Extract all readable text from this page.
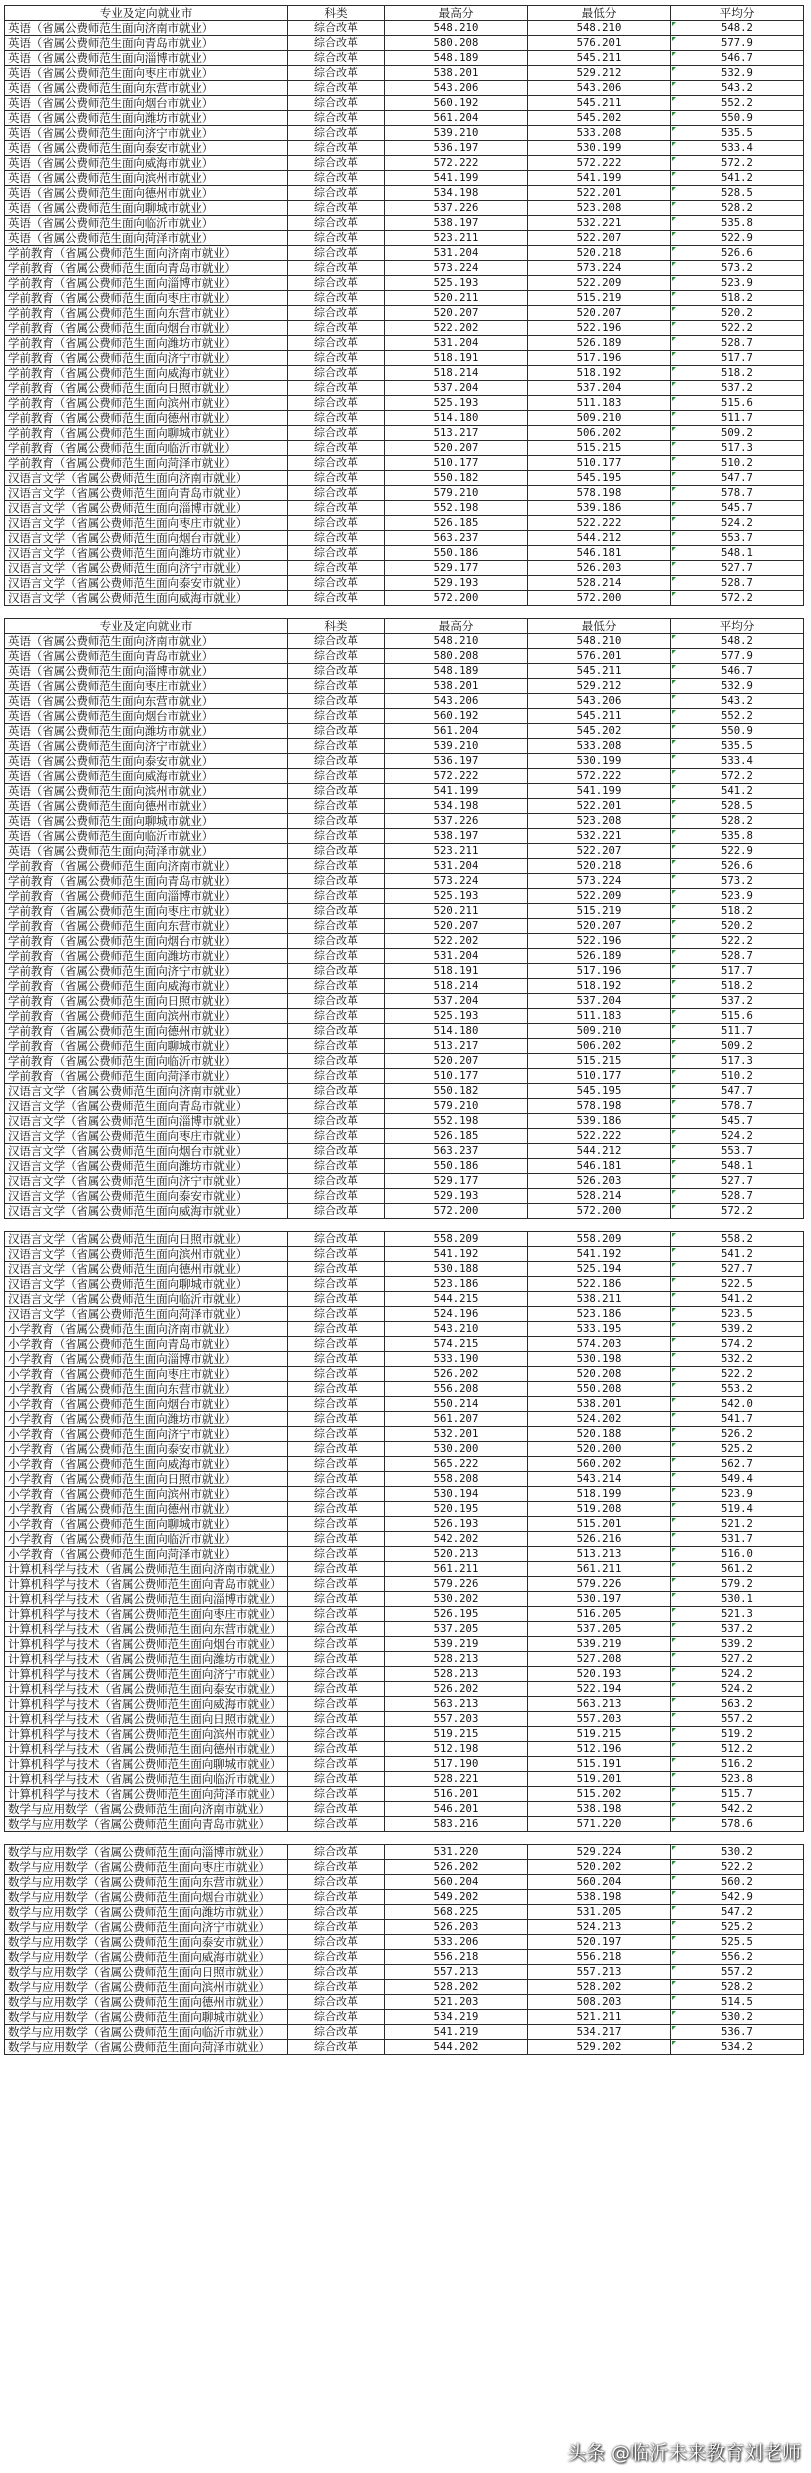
专业及定向就业市	科类	最高分	最低分	平均分
英语（省属公费师范生面向济南市就业）	综合改革	548.210	548.210	548.2
英语（省属公费师范生面向青岛市就业）	综合改革	580.208	576.201	577.9
英语（省属公费师范生面向淄博市就业）	综合改革	548.189	545.211	546.7
英语（省属公费师范生面向枣庄市就业）	综合改革	538.201	529.212	532.9
英语（省属公费师范生面向东营市就业）	综合改革	543.206	543.206	543.2
英语（省属公费师范生面向烟台市就业）	综合改革	560.192	545.211	552.2
英语（省属公费师范生面向潍坊市就业）	综合改革	561.204	545.202	550.9
英语（省属公费师范生面向济宁市就业）	综合改革	539.210	533.208	535.5
英语（省属公费师范生面向泰安市就业）	综合改革	536.197	530.199	533.4
英语（省属公费师范生面向威海市就业）	综合改革	572.222	572.222	572.2
英语（省属公费师范生面向滨州市就业）	综合改革	541.199	541.199	541.2
英语（省属公费师范生面向德州市就业）	综合改革	534.198	522.201	528.5
英语（省属公费师范生面向聊城市就业）	综合改革	537.226	523.208	528.2
英语（省属公费师范生面向临沂市就业）	综合改革	538.197	532.221	535.8
英语（省属公费师范生面向菏泽市就业）	综合改革	523.211	522.207	522.9
学前教育（省属公费师范生面向济南市就业）	综合改革	531.204	520.218	526.6
学前教育（省属公费师范生面向青岛市就业）	综合改革	573.224	573.224	573.2
学前教育（省属公费师范生面向淄博市就业）	综合改革	525.193	522.209	523.9
学前教育（省属公费师范生面向枣庄市就业）	综合改革	520.211	515.219	518.2
学前教育（省属公费师范生面向东营市就业）	综合改革	520.207	520.207	520.2
学前教育（省属公费师范生面向烟台市就业）	综合改革	522.202	522.196	522.2
学前教育（省属公费师范生面向潍坊市就业）	综合改革	531.204	526.189	528.7
学前教育（省属公费师范生面向济宁市就业）	综合改革	518.191	517.196	517.7
学前教育（省属公费师范生面向威海市就业）	综合改革	518.214	518.192	518.2
学前教育（省属公费师范生面向日照市就业）	综合改革	537.204	537.204	537.2
学前教育（省属公费师范生面向滨州市就业）	综合改革	525.193	511.183	515.6
学前教育（省属公费师范生面向德州市就业）	综合改革	514.180	509.210	511.7
学前教育（省属公费师范生面向聊城市就业）	综合改革	513.217	506.202	509.2
学前教育（省属公费师范生面向临沂市就业）	综合改革	520.207	515.215	517.3
学前教育（省属公费师范生面向菏泽市就业）	综合改革	510.177	510.177	510.2
汉语言文学（省属公费师范生面向济南市就业）	综合改革	550.182	545.195	547.7
汉语言文学（省属公费师范生面向青岛市就业）	综合改革	579.210	578.198	578.7
汉语言文学（省属公费师范生面向淄博市就业）	综合改革	552.198	539.186	545.7
汉语言文学（省属公费师范生面向枣庄市就业）	综合改革	526.185	522.222	524.2
汉语言文学（省属公费师范生面向烟台市就业）	综合改革	563.237	544.212	553.7
汉语言文学（省属公费师范生面向潍坊市就业）	综合改革	550.186	546.181	548.1
汉语言文学（省属公费师范生面向济宁市就业）	综合改革	529.177	526.203	527.7
汉语言文学（省属公费师范生面向泰安市就业）	综合改革	529.193	528.214	528.7
汉语言文学（省属公费师范生面向威海市就业）	综合改革	572.200	572.200	572.2
专业及定向就业市	科类	最高分	最低分	平均分
英语（省属公费师范生面向济南市就业）	综合改革	548.210	548.210	548.2
英语（省属公费师范生面向青岛市就业）	综合改革	580.208	576.201	577.9
英语（省属公费师范生面向淄博市就业）	综合改革	548.189	545.211	546.7
英语（省属公费师范生面向枣庄市就业）	综合改革	538.201	529.212	532.9
英语（省属公费师范生面向东营市就业）	综合改革	543.206	543.206	543.2
英语（省属公费师范生面向烟台市就业）	综合改革	560.192	545.211	552.2
英语（省属公费师范生面向潍坊市就业）	综合改革	561.204	545.202	550.9
英语（省属公费师范生面向济宁市就业）	综合改革	539.210	533.208	535.5
英语（省属公费师范生面向泰安市就业）	综合改革	536.197	530.199	533.4
英语（省属公费师范生面向威海市就业）	综合改革	572.222	572.222	572.2
英语（省属公费师范生面向滨州市就业）	综合改革	541.199	541.199	541.2
英语（省属公费师范生面向德州市就业）	综合改革	534.198	522.201	528.5
英语（省属公费师范生面向聊城市就业）	综合改革	537.226	523.208	528.2
英语（省属公费师范生面向临沂市就业）	综合改革	538.197	532.221	535.8
英语（省属公费师范生面向菏泽市就业）	综合改革	523.211	522.207	522.9
学前教育（省属公费师范生面向济南市就业）	综合改革	531.204	520.218	526.6
学前教育（省属公费师范生面向青岛市就业）	综合改革	573.224	573.224	573.2
学前教育（省属公费师范生面向淄博市就业）	综合改革	525.193	522.209	523.9
学前教育（省属公费师范生面向枣庄市就业）	综合改革	520.211	515.219	518.2
学前教育（省属公费师范生面向东营市就业）	综合改革	520.207	520.207	520.2
学前教育（省属公费师范生面向烟台市就业）	综合改革	522.202	522.196	522.2
学前教育（省属公费师范生面向潍坊市就业）	综合改革	531.204	526.189	528.7
学前教育（省属公费师范生面向济宁市就业）	综合改革	518.191	517.196	517.7
学前教育（省属公费师范生面向威海市就业）	综合改革	518.214	518.192	518.2
学前教育（省属公费师范生面向日照市就业）	综合改革	537.204	537.204	537.2
学前教育（省属公费师范生面向滨州市就业）	综合改革	525.193	511.183	515.6
学前教育（省属公费师范生面向德州市就业）	综合改革	514.180	509.210	511.7
学前教育（省属公费师范生面向聊城市就业）	综合改革	513.217	506.202	509.2
学前教育（省属公费师范生面向临沂市就业）	综合改革	520.207	515.215	517.3
学前教育（省属公费师范生面向菏泽市就业）	综合改革	510.177	510.177	510.2
汉语言文学（省属公费师范生面向济南市就业）	综合改革	550.182	545.195	547.7
汉语言文学（省属公费师范生面向青岛市就业）	综合改革	579.210	578.198	578.7
汉语言文学（省属公费师范生面向淄博市就业）	综合改革	552.198	539.186	545.7
汉语言文学（省属公费师范生面向枣庄市就业）	综合改革	526.185	522.222	524.2
汉语言文学（省属公费师范生面向烟台市就业）	综合改革	563.237	544.212	553.7
汉语言文学（省属公费师范生面向潍坊市就业）	综合改革	550.186	546.181	548.1
汉语言文学（省属公费师范生面向济宁市就业）	综合改革	529.177	526.203	527.7
汉语言文学（省属公费师范生面向泰安市就业）	综合改革	529.193	528.214	528.7
汉语言文学（省属公费师范生面向威海市就业）	综合改革	572.200	572.200	572.2
汉语言文学（省属公费师范生面向日照市就业）	综合改革	558.209	558.209	558.2
汉语言文学（省属公费师范生面向滨州市就业）	综合改革	541.192	541.192	541.2
汉语言文学（省属公费师范生面向德州市就业）	综合改革	530.188	525.194	527.7
汉语言文学（省属公费师范生面向聊城市就业）	综合改革	523.186	522.186	522.5
汉语言文学（省属公费师范生面向临沂市就业）	综合改革	544.215	538.211	541.2
汉语言文学（省属公费师范生面向菏泽市就业）	综合改革	524.196	523.186	523.5
小学教育（省属公费师范生面向济南市就业）	综合改革	543.210	533.195	539.2
小学教育（省属公费师范生面向青岛市就业）	综合改革	574.215	574.203	574.2
小学教育（省属公费师范生面向淄博市就业）	综合改革	533.190	530.198	532.2
小学教育（省属公费师范生面向枣庄市就业）	综合改革	526.202	520.208	522.2
小学教育（省属公费师范生面向东营市就业）	综合改革	556.208	550.208	553.2
小学教育（省属公费师范生面向烟台市就业）	综合改革	550.214	538.201	542.0
小学教育（省属公费师范生面向潍坊市就业）	综合改革	561.207	524.202	541.7
小学教育（省属公费师范生面向济宁市就业）	综合改革	532.201	520.188	526.2
小学教育（省属公费师范生面向泰安市就业）	综合改革	530.200	520.200	525.2
小学教育（省属公费师范生面向威海市就业）	综合改革	565.222	560.202	562.7
小学教育（省属公费师范生面向日照市就业）	综合改革	558.208	543.214	549.4
小学教育（省属公费师范生面向滨州市就业）	综合改革	530.194	518.199	523.9
小学教育（省属公费师范生面向德州市就业）	综合改革	520.195	519.208	519.4
小学教育（省属公费师范生面向聊城市就业）	综合改革	526.193	515.201	521.2
小学教育（省属公费师范生面向临沂市就业）	综合改革	542.202	526.216	531.7
小学教育（省属公费师范生面向菏泽市就业）	综合改革	520.213	513.213	516.0
计算机科学与技术（省属公费师范生面向济南市就业）	综合改革	561.211	561.211	561.2
计算机科学与技术（省属公费师范生面向青岛市就业）	综合改革	579.226	579.226	579.2
计算机科学与技术（省属公费师范生面向淄博市就业）	综合改革	530.202	530.197	530.1
计算机科学与技术（省属公费师范生面向枣庄市就业）	综合改革	526.195	516.205	521.3
计算机科学与技术（省属公费师范生面向东营市就业）	综合改革	537.205	537.205	537.2
计算机科学与技术（省属公费师范生面向烟台市就业）	综合改革	539.219	539.219	539.2
计算机科学与技术（省属公费师范生面向潍坊市就业）	综合改革	528.213	527.208	527.2
计算机科学与技术（省属公费师范生面向济宁市就业）	综合改革	528.213	520.193	524.2
计算机科学与技术（省属公费师范生面向泰安市就业）	综合改革	526.202	522.194	524.2
计算机科学与技术（省属公费师范生面向威海市就业）	综合改革	563.213	563.213	563.2
计算机科学与技术（省属公费师范生面向日照市就业）	综合改革	557.203	557.203	557.2
计算机科学与技术（省属公费师范生面向滨州市就业）	综合改革	519.215	519.215	519.2
计算机科学与技术（省属公费师范生面向德州市就业）	综合改革	512.198	512.196	512.2
计算机科学与技术（省属公费师范生面向聊城市就业）	综合改革	517.190	515.191	516.2
计算机科学与技术（省属公费师范生面向临沂市就业）	综合改革	528.221	519.201	523.8
计算机科学与技术（省属公费师范生面向菏泽市就业）	综合改革	516.201	515.202	515.7
数学与应用数学（省属公费师范生面向济南市就业）	综合改革	546.201	538.198	542.2
数学与应用数学（省属公费师范生面向青岛市就业）	综合改革	583.216	571.220	578.6
数学与应用数学（省属公费师范生面向淄博市就业）	综合改革	531.220	529.224	530.2
数学与应用数学（省属公费师范生面向枣庄市就业）	综合改革	526.202	520.202	522.2
数学与应用数学（省属公费师范生面向东营市就业）	综合改革	560.204	560.204	560.2
数学与应用数学（省属公费师范生面向烟台市就业）	综合改革	549.202	538.198	542.9
数学与应用数学（省属公费师范生面向潍坊市就业）	综合改革	568.225	531.205	547.2
数学与应用数学（省属公费师范生面向济宁市就业）	综合改革	526.203	524.213	525.2
数学与应用数学（省属公费师范生面向泰安市就业）	综合改革	533.206	520.197	525.5
数学与应用数学（省属公费师范生面向威海市就业）	综合改革	556.218	556.218	556.2
数学与应用数学（省属公费师范生面向日照市就业）	综合改革	557.213	557.213	557.2
数学与应用数学（省属公费师范生面向滨州市就业）	综合改革	528.202	528.202	528.2
数学与应用数学（省属公费师范生面向德州市就业）	综合改革	521.203	508.203	514.5
数学与应用数学（省属公费师范生面向聊城市就业）	综合改革	534.219	521.211	530.2
数学与应用数学（省属公费师范生面向临沂市就业）	综合改革	541.219	534.217	536.7
数学与应用数学（省属公费师范生面向菏泽市就业）	综合改革	544.202	529.202	534.2
头条 @临沂未来教育刘老师
